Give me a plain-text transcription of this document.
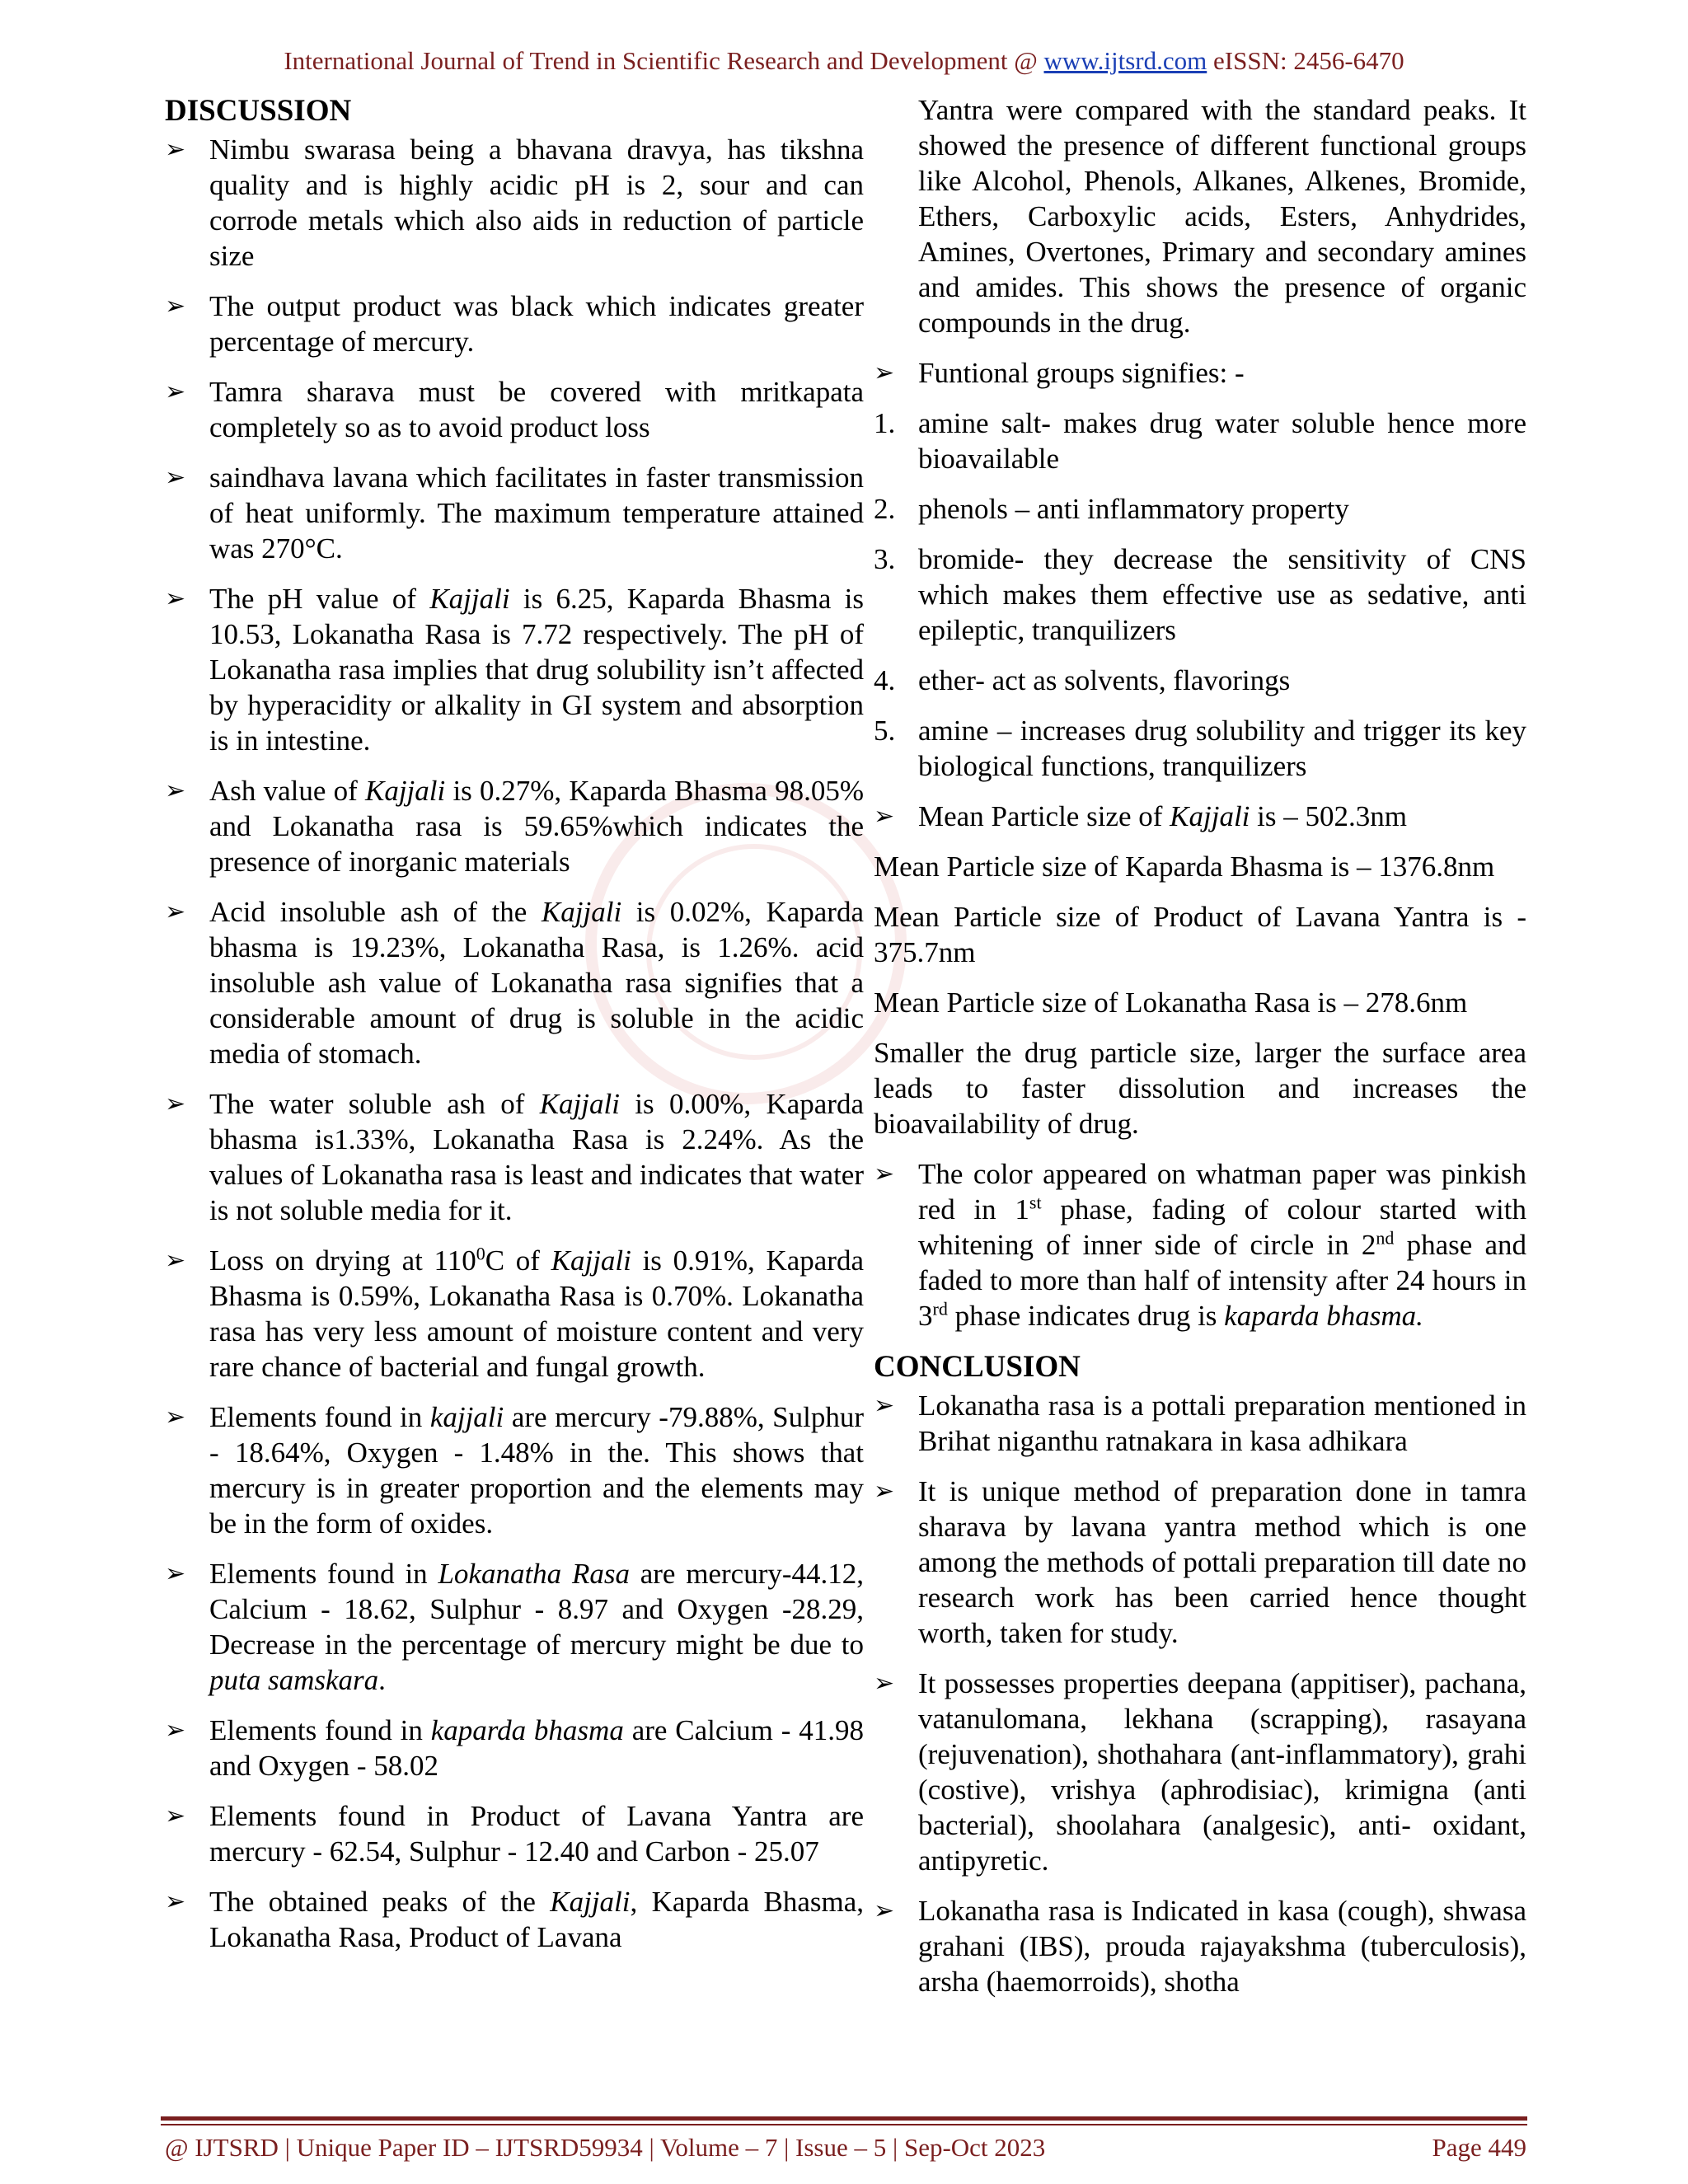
International Journal of Trend in Scientific Research and Development @ www.ijtsrd.com eISSN: 2456-6470
DISCUSSION
➢ Nimbu swarasa being a bhavana dravya, has tikshna quality and is highly acidic pH is 2, sour and can corrode metals which also aids in reduction of particle size
➢ The output product was black which indicates greater percentage of mercury.
➢ Tamra sharava must be covered with mritkapata completely so as to avoid product loss
➢ saindhava lavana which facilitates in faster transmission of heat uniformly. The maximum temperature attained was 270°C.
➢ The pH value of Kajjali is 6.25, Kaparda Bhasma is 10.53, Lokanatha Rasa is 7.72 respectively. The pH of Lokanatha rasa implies that drug solubility isn’t affected by hyperacidity or alkality in GI system and absorption is in intestine.
➢ Ash value of Kajjali is 0.27%, Kaparda Bhasma 98.05% and Lokanatha rasa is 59.65%which indicates the presence of inorganic materials
➢ Acid insoluble ash of the Kajjali is 0.02%, Kaparda bhasma is 19.23%, Lokanatha Rasa, is 1.26%. acid insoluble ash value of Lokanatha rasa signifies that a considerable amount of drug is soluble in the acidic media of stomach.
➢ The water soluble ash of Kajjali is 0.00%, Kaparda bhasma is1.33%, Lokanatha Rasa is 2.24%. As the values of Lokanatha rasa is least and indicates that water is not soluble media for it.
➢ Loss on drying at $110^0C$ of Kajjali is 0.91%, Kaparda Bhasma is 0.59%, Lokanatha Rasa is 0.70%. Lokanatha rasa has very less amount of moisture content and very rare chance of bacterial and fungal growth.
➢ Elements found in kajjali are mercury -79.88%, Sulphur - 18.64%, Oxygen - 1.48% in the. This shows that mercury is in greater proportion and the elements may be in the form of oxides.
➢ Elements found in Lokanatha Rasa are mercury-44.12, Calcium - 18.62, Sulphur - 8.97 and Oxygen -28.29, Decrease in the percentage of mercury might be due to puta samskara.
➢ Elements found in kaparda bhasma are Calcium - 41.98 and Oxygen - 58.02
➢ Elements found in Product of Lavana Yantra are mercury - 62.54, Sulphur - 12.40 and Carbon - 25.07
➢ The obtained peaks of the Kajjali, Kaparda Bhasma, Lokanatha Rasa, Product of Lavana
Yantra were compared with the standard peaks. It showed the presence of different functional groups like Alcohol, Phenols, Alkanes, Alkenes, Bromide, Ethers, Carboxylic acids, Esters, Anhydrides, Amines, Overtones, Primary and secondary amines and amides. This shows the presence of organic compounds in the drug.
➢ Funtional groups signifies: -
1. amine salt- makes drug water soluble hence more bioavailable
2. phenols – anti inflammatory property
3. bromide- they decrease the sensitivity of CNS which makes them effective use as sedative, anti epileptic, tranquilizers
4. ether- act as solvents, flavorings
5. amine – increases drug solubility and trigger its key biological functions, tranquilizers
➢ Mean Particle size of Kajjali is – 502.3nm

Mean Particle size of Kaparda Bhasma is – 1376.8nm

Mean Particle size of Product of Lavana Yantra is - 375.7nm

Mean Particle size of Lokanatha Rasa is – 278.6nm

Smaller the drug particle size, larger the surface area leads to faster dissolution and increases the bioavailability of drug.

➢ The color appeared on whatman paper was pinkish red in 1st phase, fading of colour started with whitening of inner side of circle in 2nd phase and faded to more than half of intensity after 24 hours in 3rd phase indicates drug is kaparda bhasma.
CONCLUSION
➢ Lokanatha rasa is a pottali preparation mentioned in Brihat niganthu ratnakara in kasa adhikara
➢ It is unique method of preparation done in tamra sharava by lavana yantra method which is one among the methods of pottali preparation till date no research work has been carried hence thought worth, taken for study.
➢ It possesses properties deepana (appitiser), pachana, vatanulomana, lekhana (scrapping), rasayana (rejuvenation), shothahara (ant-inflammatory), grahi (costive), vrishya (aphrodisiac), krimigna (anti bacterial), shoolahara (analgesic), anti- oxidant, antipyretic.
➢ Lokanatha rasa is Indicated in kasa (cough), shwasa grahani (IBS), prouda rajayakshma (tuberculosis), arsha (haemorroids), shotha
@ IJTSRD | Unique Paper ID – IJTSRD59934 | Volume – 7 | Issue – 5 | Sep-Oct 2023	Page 449
